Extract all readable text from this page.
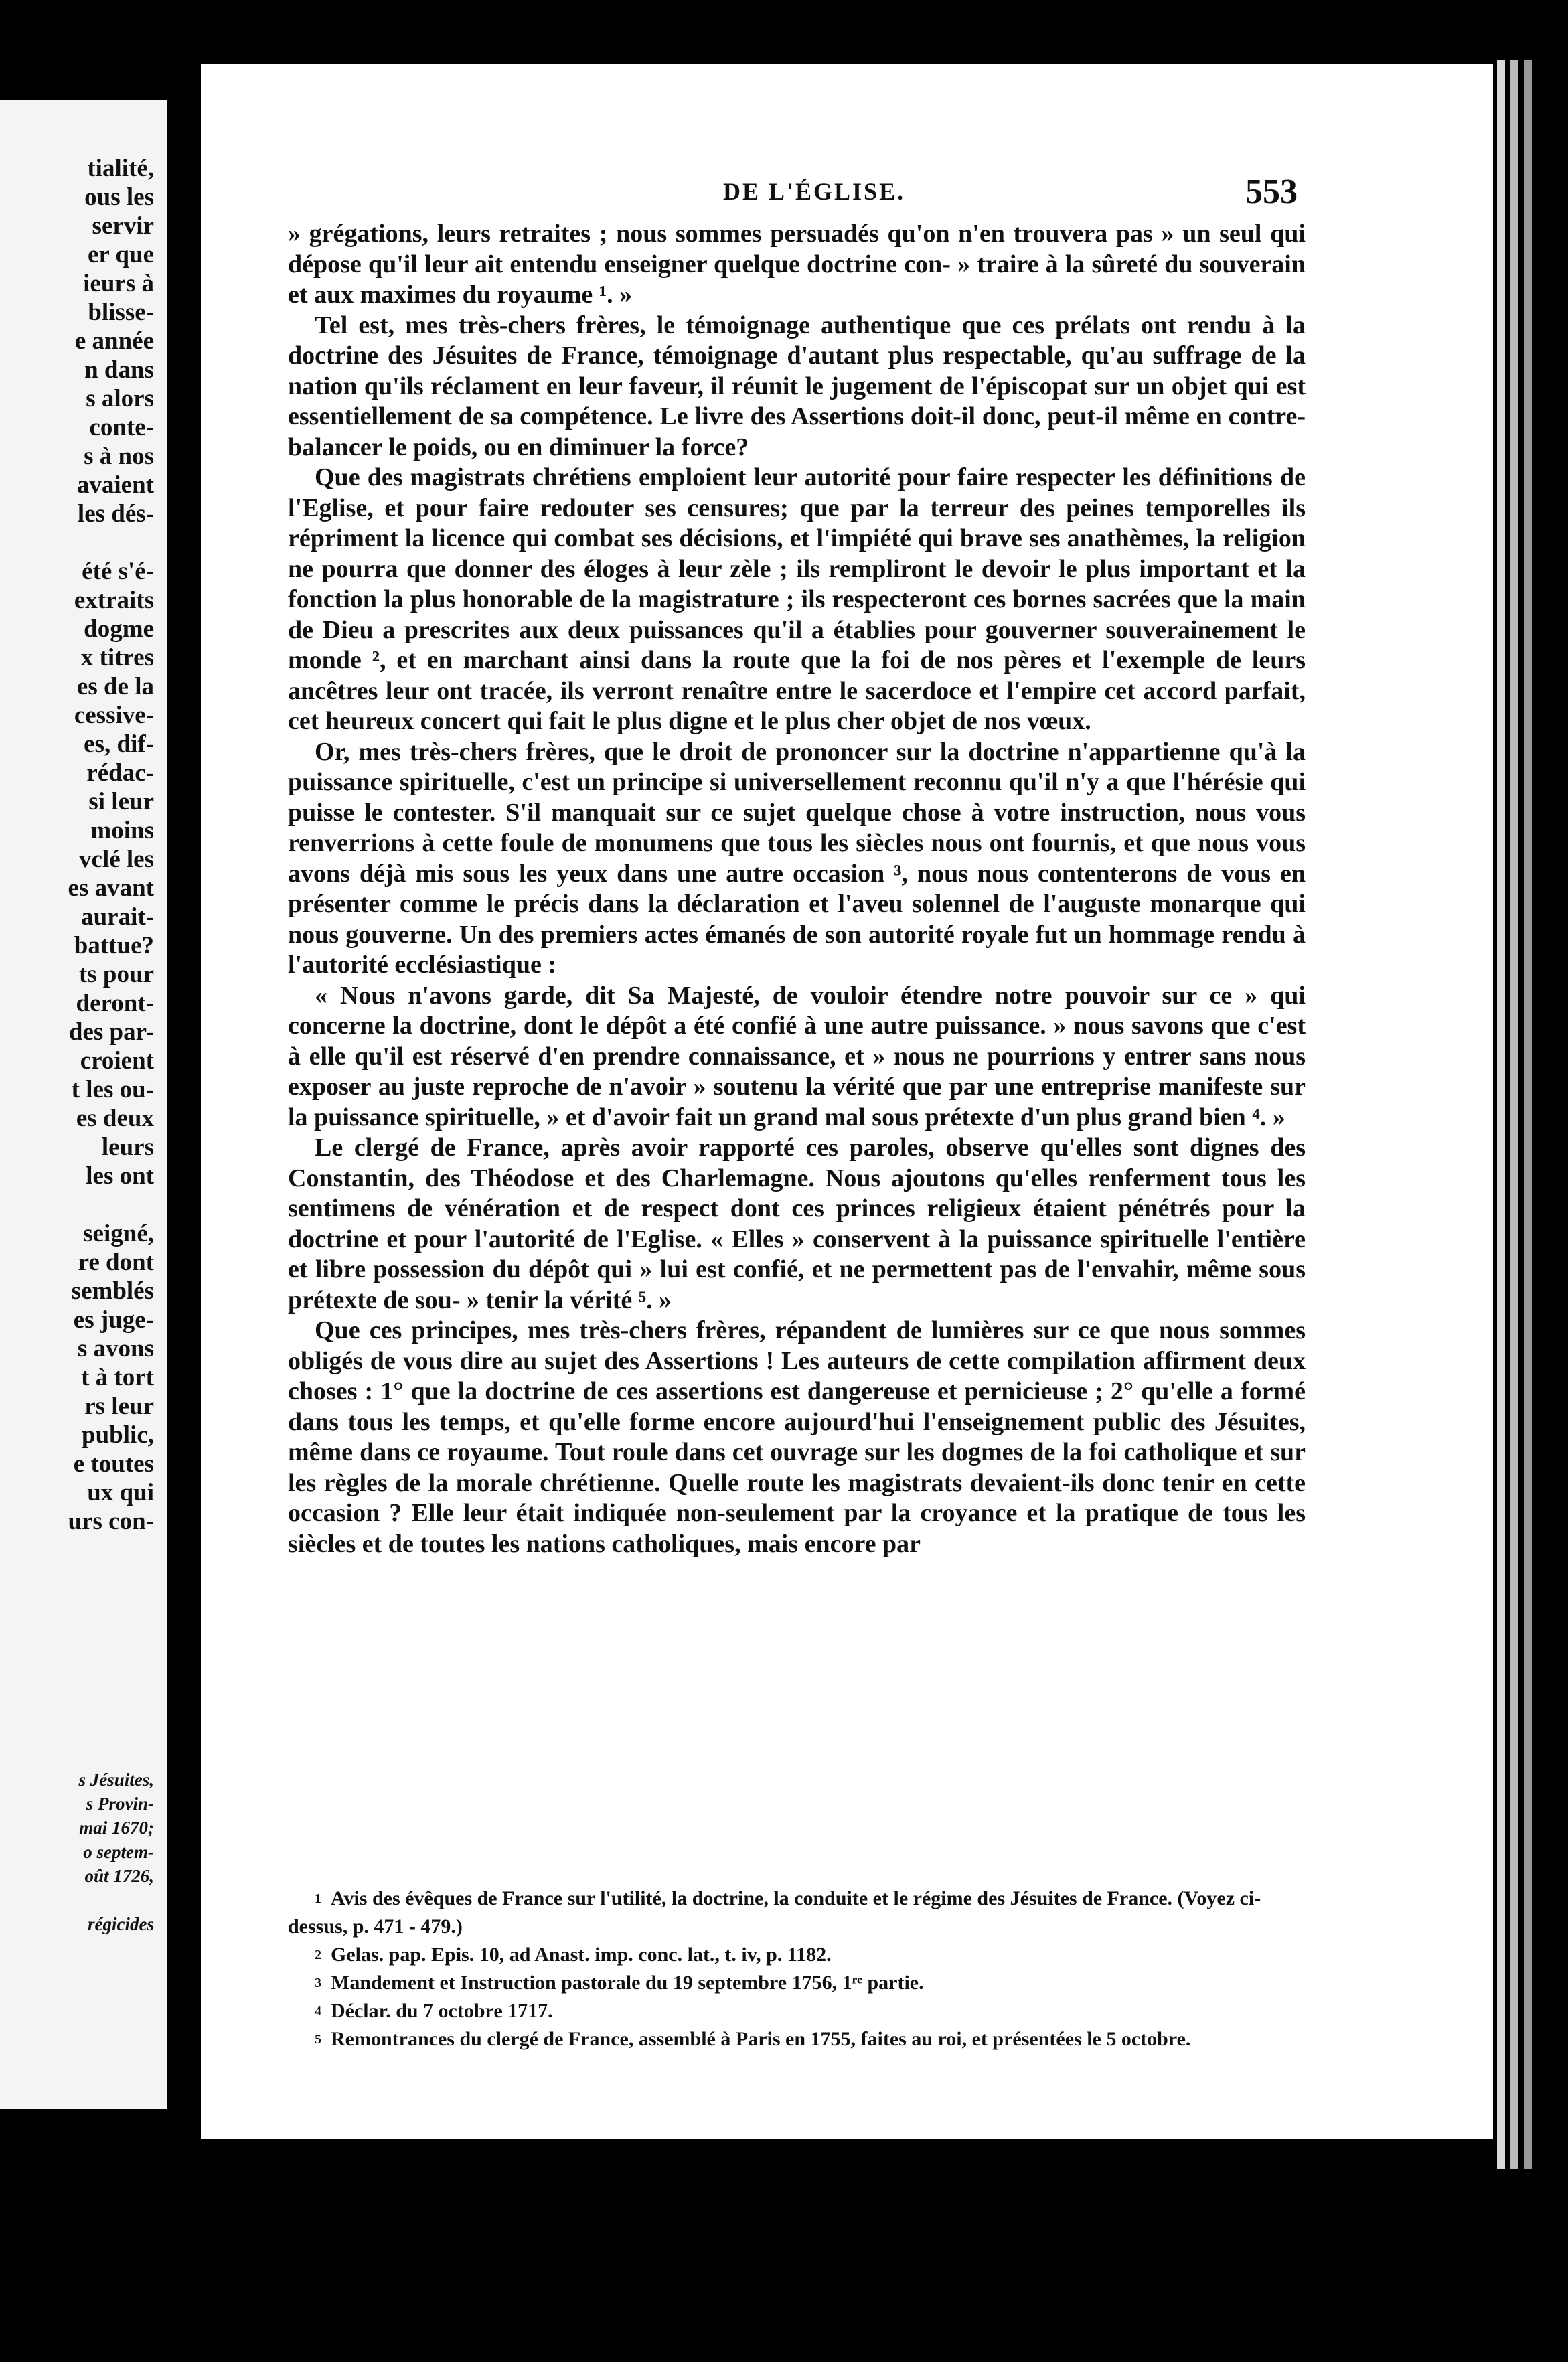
tialité,
ous les
servir
er que
ieurs à
blisse-
e année
n dans
s alors
conte-
s à nos
avaient
les dés-
été s'é-
extraits
dogme
x titres
es de la
cessive-
es, dif-
rédac-
si leur
moins
vclé les
es avant
aurait-
battue?
ts pour
deront-
des par-
croient
t les ou-
es deux
leurs
les ont
seigné,
re dont
semblés
es juge-
s avons
t à tort
rs leur
public,
e toutes
ux qui
urs con-
s Jésuites,
s Provin-
mai 1670;
o septem-
oût 1726,
régicides
DE L'ÉGLISE.	553

» grégations, leurs retraites ; nous sommes persuadés qu'on n'en trouvera pas » un seul qui dépose qu'il leur ait entendu enseigner quelque doctrine con- » traire à la sûreté du souverain et aux maximes du royaume ¹. »

Tel est, mes très-chers frères, le témoignage authentique que ces prélats ont rendu à la doctrine des Jésuites de France, témoignage d'autant plus respectable, qu'au suffrage de la nation qu'ils réclament en leur faveur, il réunit le jugement de l'épiscopat sur un objet qui est essentiellement de sa compétence. Le livre des Assertions doit-il donc, peut-il même en contre-balancer le poids, ou en diminuer la force?

Que des magistrats chrétiens emploient leur autorité pour faire respecter les définitions de l'Eglise, et pour faire redouter ses censures; que par la terreur des peines temporelles ils répriment la licence qui combat ses décisions, et l'impiété qui brave ses anathèmes, la religion ne pourra que donner des éloges à leur zèle ; ils rempliront le devoir le plus important et la fonction la plus honorable de la magistrature ; ils respecteront ces bornes sacrées que la main de Dieu a prescrites aux deux puissances qu'il a établies pour gouverner souverainement le monde ², et en marchant ainsi dans la route que la foi de nos pères et l'exemple de leurs ancêtres leur ont tracée, ils verront renaître entre le sacerdoce et l'empire cet accord parfait, cet heureux concert qui fait le plus digne et le plus cher objet de nos vœux.

Or, mes très-chers frères, que le droit de prononcer sur la doctrine n'appartienne qu'à la puissance spirituelle, c'est un principe si universellement reconnu qu'il n'y a que l'hérésie qui puisse le contester. S'il manquait sur ce sujet quelque chose à votre instruction, nous vous renverrions à cette foule de monumens que tous les siècles nous ont fournis, et que nous vous avons déjà mis sous les yeux dans une autre occasion ³, nous nous contenterons de vous en présenter comme le précis dans la déclaration et l'aveu solennel de l'auguste monarque qui nous gouverne. Un des premiers actes émanés de son autorité royale fut un hommage rendu à l'autorité ecclésiastique :

« Nous n'avons garde, dit Sa Majesté, de vouloir étendre notre pouvoir sur ce » qui concerne la doctrine, dont le dépôt a été confié à une autre puissance. » nous savons que c'est à elle qu'il est réservé d'en prendre connaissance, et » nous ne pourrions y entrer sans nous exposer au juste reproche de n'avoir » soutenu la vérité que par une entreprise manifeste sur la puissance spirituelle, » et d'avoir fait un grand mal sous prétexte d'un plus grand bien ⁴. »

Le clergé de France, après avoir rapporté ces paroles, observe qu'elles sont dignes des Constantin, des Théodose et des Charlemagne. Nous ajoutons qu'elles renferment tous les sentimens de vénération et de respect dont ces princes religieux étaient pénétrés pour la doctrine et pour l'autorité de l'Eglise. « Elles » conservent à la puissance spirituelle l'entière et libre possession du dépôt qui » lui est confié, et ne permettent pas de l'envahir, même sous prétexte de sou- » tenir la vérité ⁵. »

Que ces principes, mes très-chers frères, répandent de lumières sur ce que nous sommes obligés de vous dire au sujet des Assertions ! Les auteurs de cette compilation affirment deux choses : 1° que la doctrine de ces assertions est dangereuse et pernicieuse ; 2° qu'elle a formé dans tous les temps, et qu'elle forme encore aujourd'hui l'enseignement public des Jésuites, même dans ce royaume. Tout roule dans cet ouvrage sur les dogmes de la foi catholique et sur les règles de la morale chrétienne. Quelle route les magistrats devaient-ils donc tenir en cette occasion ? Elle leur était indiquée non-seulement par la croyance et la pratique de tous les siècles et de toutes les nations catholiques, mais encore par

$^1$ Avis des évêques de France sur l'utilité, la doctrine, la conduite et le régime des Jésuites de France. (Voyez ci-dessus, p. 471 - 479.)

$^2$ Gelas. pap. Epis. 10, ad Anast. imp. conc. lat., t. iv, p. 1182.

$^3$ Mandement et Instruction pastorale du 19 septembre 1756, 1ʳᵉ partie.

$^4$ Déclar. du 7 octobre 1717.

$^5$ Remontrances du clergé de France, assemblé à Paris en 1755, faites au roi, et présentées le 5 octobre.
